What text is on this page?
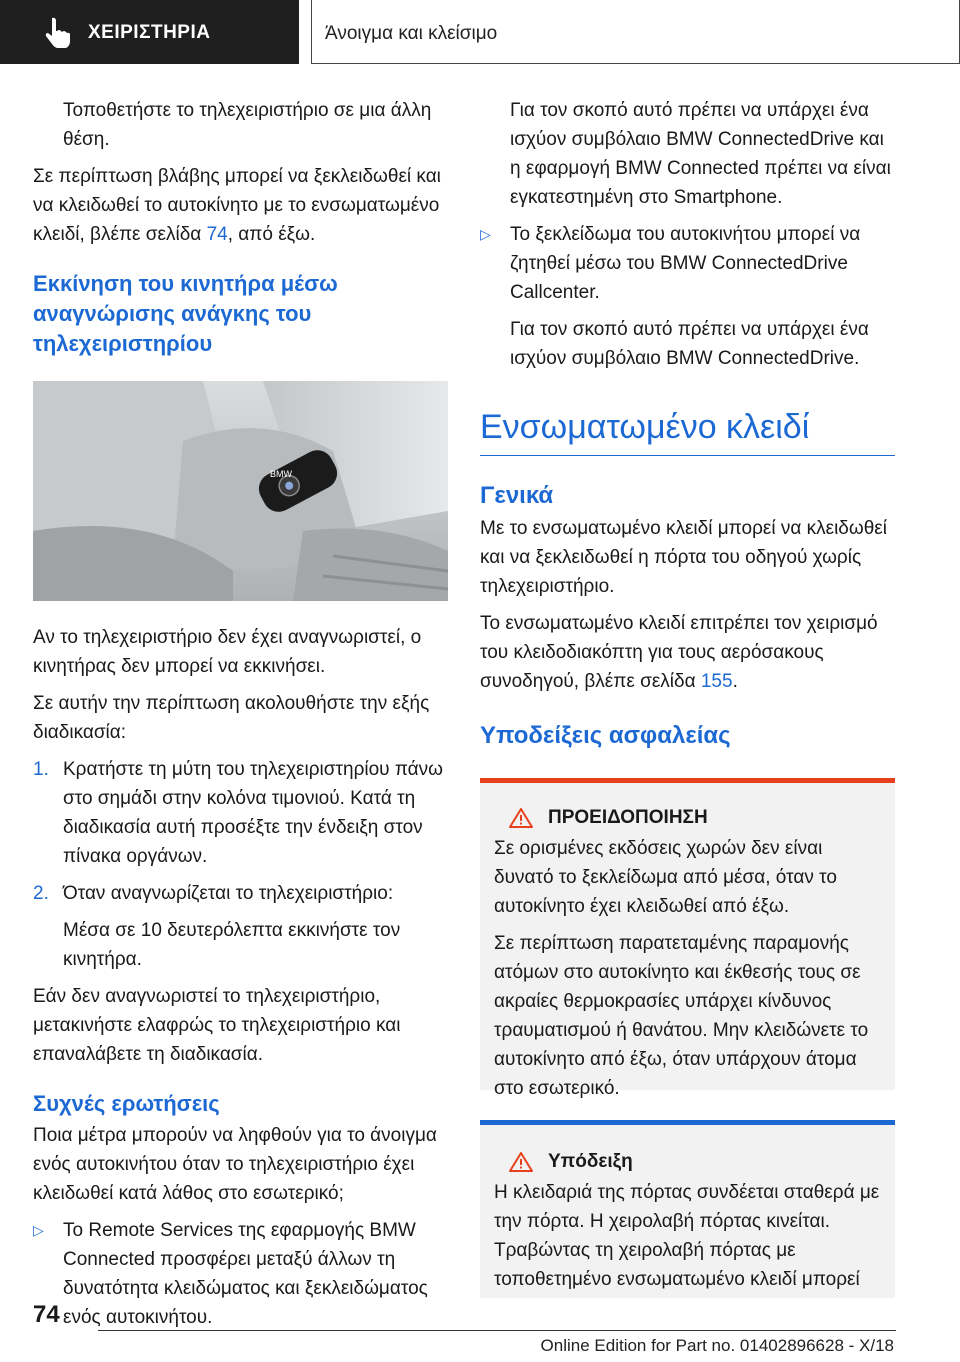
ΧΕΙΡΙΣΤΗΡΙΑ	Άνοιγμα και κλείσιμο

Τοποθετήστε το τηλεχειριστήριο σε μια άλλη θέση.

Σε περίπτωση βλάβης μπορεί να ξεκλειδωθεί και να κλειδωθεί το αυτοκίνητο με το ενσωματωμένο κλειδί, βλέπε σελίδα 74, από έξω.

Εκκίνηση του κινητήρα μέσω αναγνώρισης ανάγκης του τηλεχειριστηρίου
BMW

Αν το τηλεχειριστήριο δεν έχει αναγνωριστεί, ο κινητήρας δεν μπορεί να εκκινήσει.

Σε αυτήν την περίπτωση ακολουθήστε την εξής διαδικασία:

1. Κρατήστε τη μύτη του τηλεχειριστηρίου πάνω στο σημάδι στην κολόνα τιμονιού. Κατά τη διαδικασία αυτή προσέξτε την ένδειξη στον πίνακα οργάνων.
2. Όταν αναγνωρίζεται το τηλεχειριστήριο:

Μέσα σε 10 δευτερόλεπτα εκκινήστε τον κινητήρα.

Εάν δεν αναγνωριστεί το τηλεχειριστήριο, μετακινήστε ελαφρώς το τηλεχειριστήριο και επαναλάβετε τη διαδικασία.

Συχνές ερωτήσεις

Ποια μέτρα μπορούν να ληφθούν για το άνοιγμα ενός αυτοκινήτου όταν το τηλεχειριστήριο έχει κλειδωθεί κατά λάθος στο εσωτερικό;

▷ Το Remote Services της εφαρμογής BMW Connected προσφέρει μεταξύ άλλων τη δυνατότητα κλειδώματος και ξεκλειδώματος ενός αυτοκινήτου.

Για τον σκοπό αυτό πρέπει να υπάρχει ένα ισχύον συμβόλαιο BMW ConnectedDrive και η εφαρμογή BMW Connected πρέπει να είναι εγκατεστημένη στο Smartphone.

▷ Το ξεκλείδωμα του αυτοκινήτου μπορεί να ζητηθεί μέσω του BMW ConnectedDrive Callcenter.

Για τον σκοπό αυτό πρέπει να υπάρχει ένα ισχύον συμβόλαιο BMW ConnectedDrive.

Ενσωματωμένο κλειδί
Γενικά

Με το ενσωματωμένο κλειδί μπορεί να κλειδωθεί και να ξεκλειδωθεί η πόρτα του οδηγού χωρίς τηλεχειριστήριο.

Το ενσωματωμένο κλειδί επιτρέπει τον χειρισμό του κλειδοδιακόπτη για τους αερόσακους συνοδηγού, βλέπε σελίδα 155.

Υποδείξεις ασφαλείας
ΠΡΟΕΙΔΟΠΟΙΗΣΗ

Σε ορισμένες εκδόσεις χωρών δεν είναι δυνατό το ξεκλείδωμα από μέσα, όταν το αυτοκίνητο έχει κλειδωθεί από έξω.

Σε περίπτωση παρατεταμένης παραμονής ατόμων στο αυτοκίνητο και έκθεσής τους σε ακραίες θερμοκρασίες υπάρχει κίνδυνος τραυματισμού ή θανάτου. Μην κλειδώνετε το αυτοκίνητο από έξω, όταν υπάρχουν άτομα στο εσωτερικό.

Υπόδειξη

Η κλειδαριά της πόρτας συνδέεται σταθερά με την πόρτα. Η χειρολαβή πόρτας κινείται. Τραβώντας τη χειρολαβή πόρτας με τοποθετημένο ενσωματωμένο κλειδί μπορεί

74
Online Edition for Part no. 01402896628 - X/18
